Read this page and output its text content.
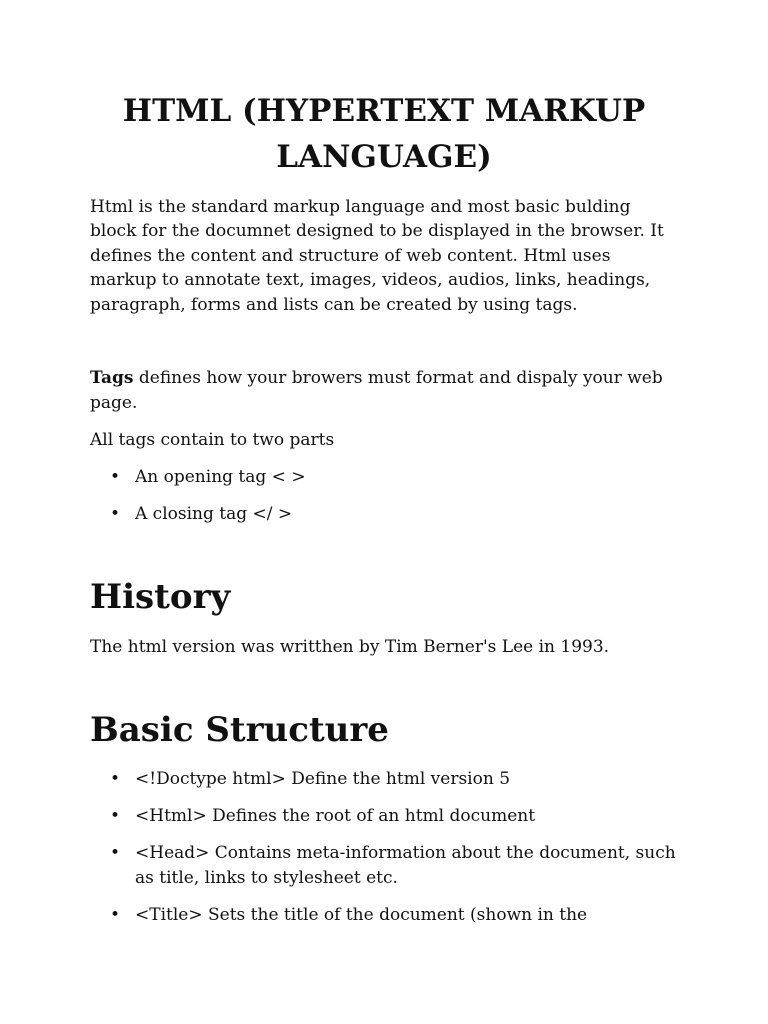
HTML (HYPERTEXT MARKUP LANGUAGE)

Html is the standard markup language and most basic bulding block for the documnet designed to be displayed in the browser. It defines the content and structure of web content. Html uses markup to annotate text, images, videos, audios, links, headings, paragraph, forms and lists can be created by using tags.

Tags defines how your browers must format and dispaly your web page.

All tags contain to two parts

• An opening tag < >
• A closing tag </ >
History

The html version was writthen by Tim Berner's Lee in 1993.

Basic Structure
• <!Doctype html> Define the html version 5
• <Html> Defines the root of an html document
• <Head> Contains meta-information about the document, such as title, links to stylesheet etc.
• <Title> Sets the title of the document (shown in the
